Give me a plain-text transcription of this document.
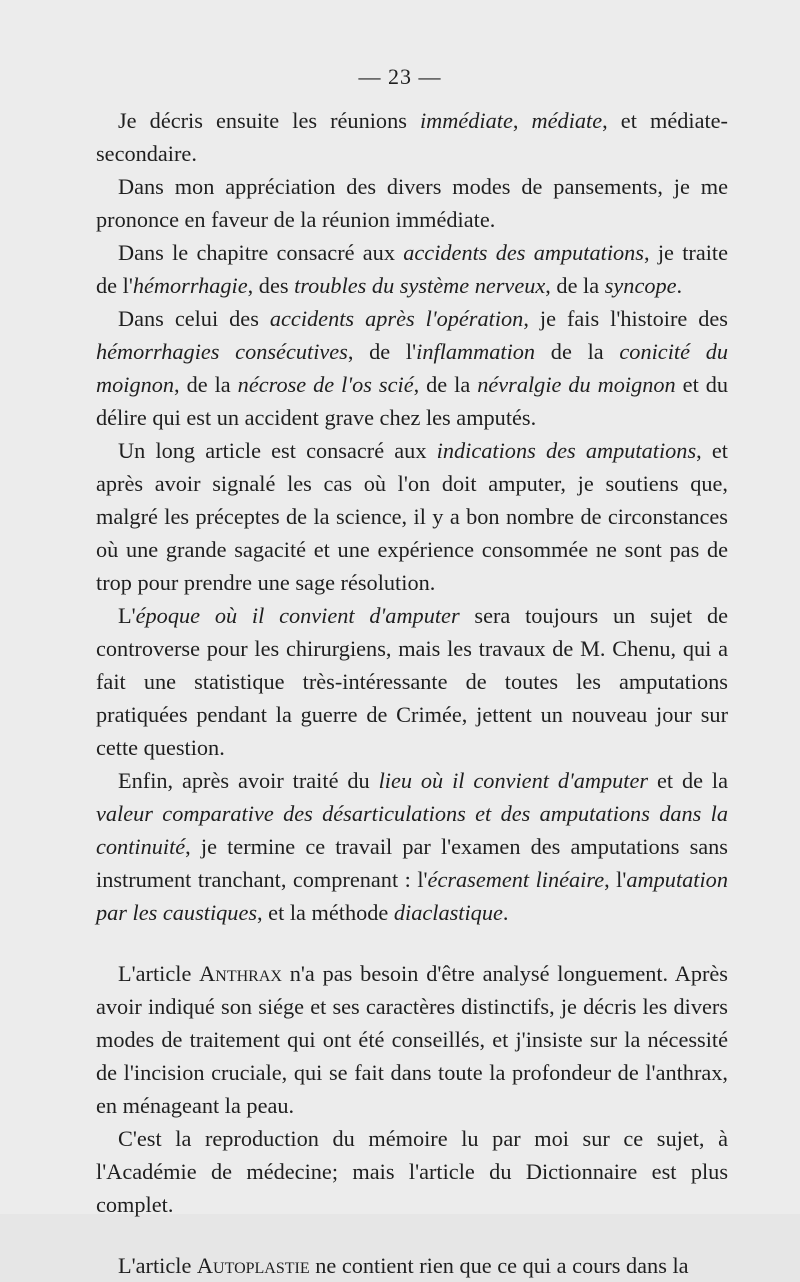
— 23 —

Je décris ensuite les réunions immédiate, médiate, et médiate-secondaire.

Dans mon appréciation des divers modes de pansements, je me prononce en faveur de la réunion immédiate.

Dans le chapitre consacré aux accidents des amputations, je traite de l'hémorrhagie, des troubles du système nerveux, de la syncope.

Dans celui des accidents après l'opération, je fais l'histoire des hémorrhagies consécutives, de l'inflammation de la conicité du moignon, de la nécrose de l'os scié, de la névralgie du moignon et du délire qui est un accident grave chez les amputés.

Un long article est consacré aux indications des amputations, et après avoir signalé les cas où l'on doit amputer, je soutiens que, malgré les préceptes de la science, il y a bon nombre de circonstances où une grande sagacité et une expérience consommée ne sont pas de trop pour prendre une sage résolution.

L'époque où il convient d'amputer sera toujours un sujet de controverse pour les chirurgiens, mais les travaux de M. Chenu, qui a fait une statistique très-intéressante de toutes les amputations pratiquées pendant la guerre de Crimée, jettent un nouveau jour sur cette question.

Enfin, après avoir traité du lieu où il convient d'amputer et de la valeur comparative des désarticulations et des amputations dans la continuité, je termine ce travail par l'examen des amputations sans instrument tranchant, comprenant : l'écrasement linéaire, l'amputation par les caustiques, et la méthode diaclastique.

L'article Anthrax n'a pas besoin d'être analysé longuement. Après avoir indiqué son siége et ses caractères distinctifs, je décris les divers modes de traitement qui ont été conseillés, et j'insiste sur la nécessité de l'incision cruciale, qui se fait dans toute la profondeur de l'anthrax, en ménageant la peau.

C'est la reproduction du mémoire lu par moi sur ce sujet, à l'Académie de médecine; mais l'article du Dictionnaire est plus complet.

L'article Autoplastie ne contient rien que ce qui a cours dans la
